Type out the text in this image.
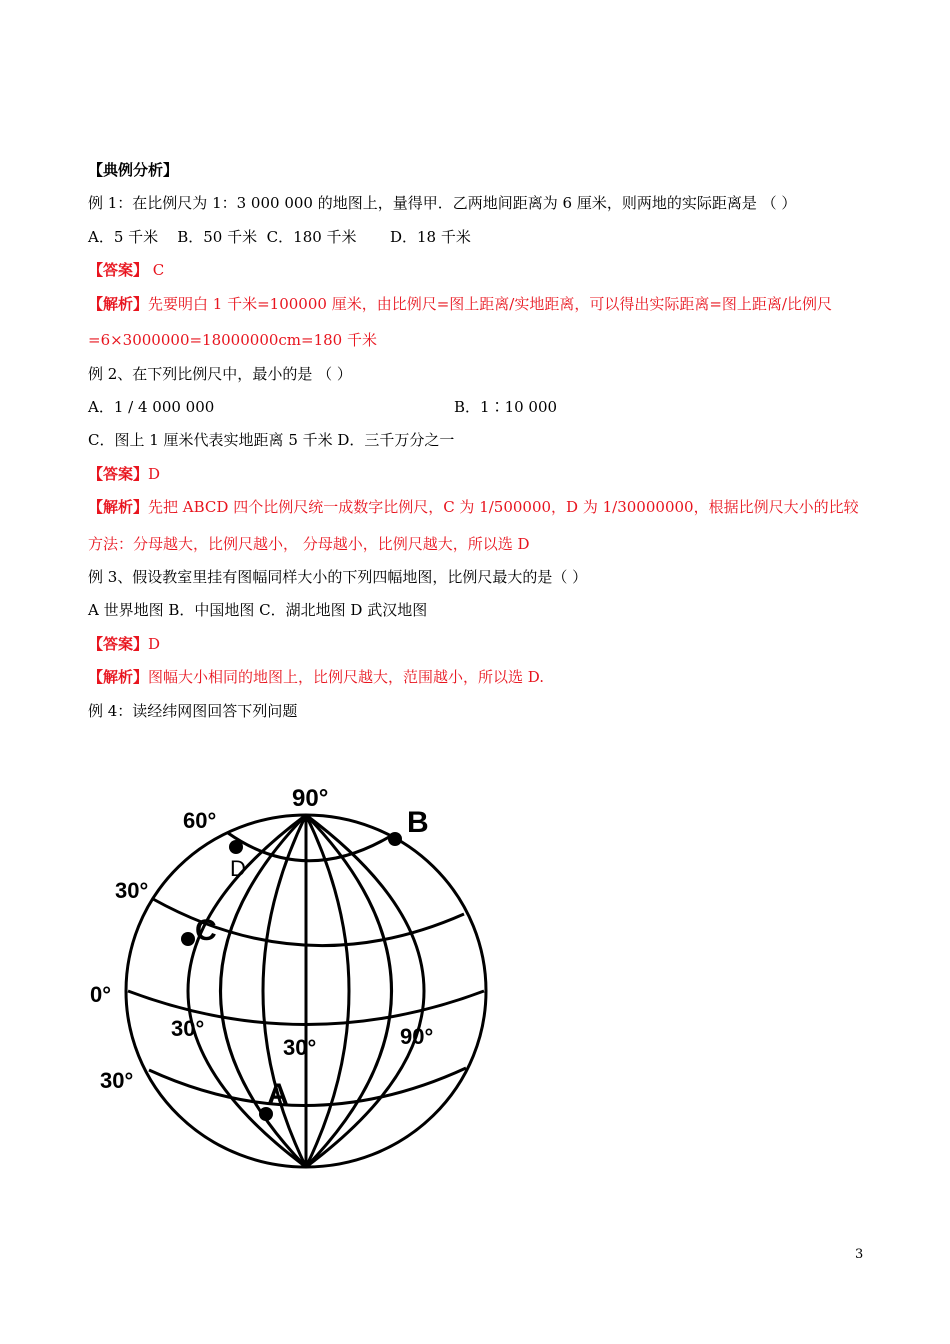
【典例分析】
例 1：在比例尺为 1：3 000 000 的地图上，量得甲．乙两地间距离为 6 厘米，则两地的实际距离是 （ ）
A．5 千米 B．50 千米 C．180 千米 D．18 千米
【答案】 C
【解析】先要明白 1 千米=100000 厘米，由比例尺=图上距离/实地距离，可以得出实际距离=图上距离/比例尺
=6×3000000=18000000cm=180 千米
例 2、在下列比例尺中，最小的是 （ ）
A．1 / 4 000 000	B．1∶10 000
C．图上 1 厘米代表实地距离 5 千米 D．三千万分之一
【答案】D
【解析】先把 ABCD 四个比例尺统一成数字比例尺，C 为 1/500000，D 为 1/30000000，根据比例尺大小的比较
方法：分母越大，比例尺越小， 分母越小，比例尺越大，所以选 D
例 3、假设教室里挂有图幅同样大小的下列四幅地图，比例尺最大的是（ ）
A 世界地图 B．中国地图 C．湖北地图 D 武汉地图
【答案】D
【解析】图幅大小相同的地图上，比例尺越大，范围越小，所以选 D.
例 4：读经纬网图回答下列问题
90°
60°
30°
0°
30°
30°
30°	90°
B
C
A
D
3
